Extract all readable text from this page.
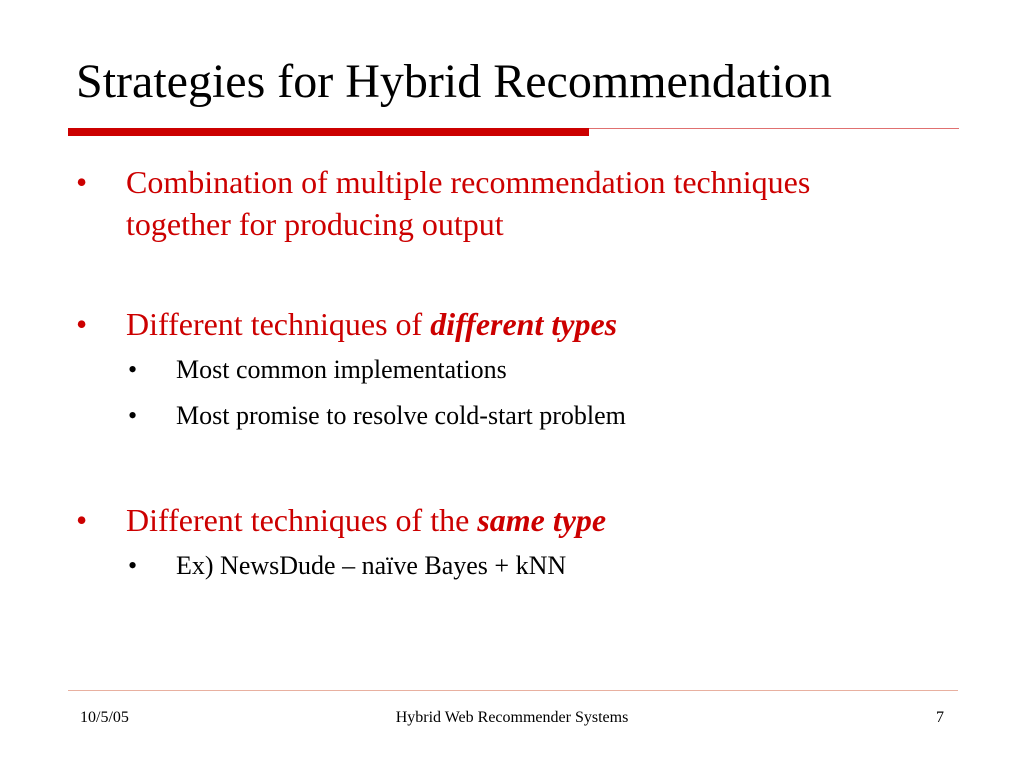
Strategies for Hybrid Recommendation
• Combination of multiple recommendation techniques
together for producing output
• Different techniques of different types
• Most common implementations
• Most promise to resolve cold-start problem
• Different techniques of the same type
• Ex) NewsDude – naïve Bayes + kNN
10/5/05	Hybrid Web Recommender Systems	7
